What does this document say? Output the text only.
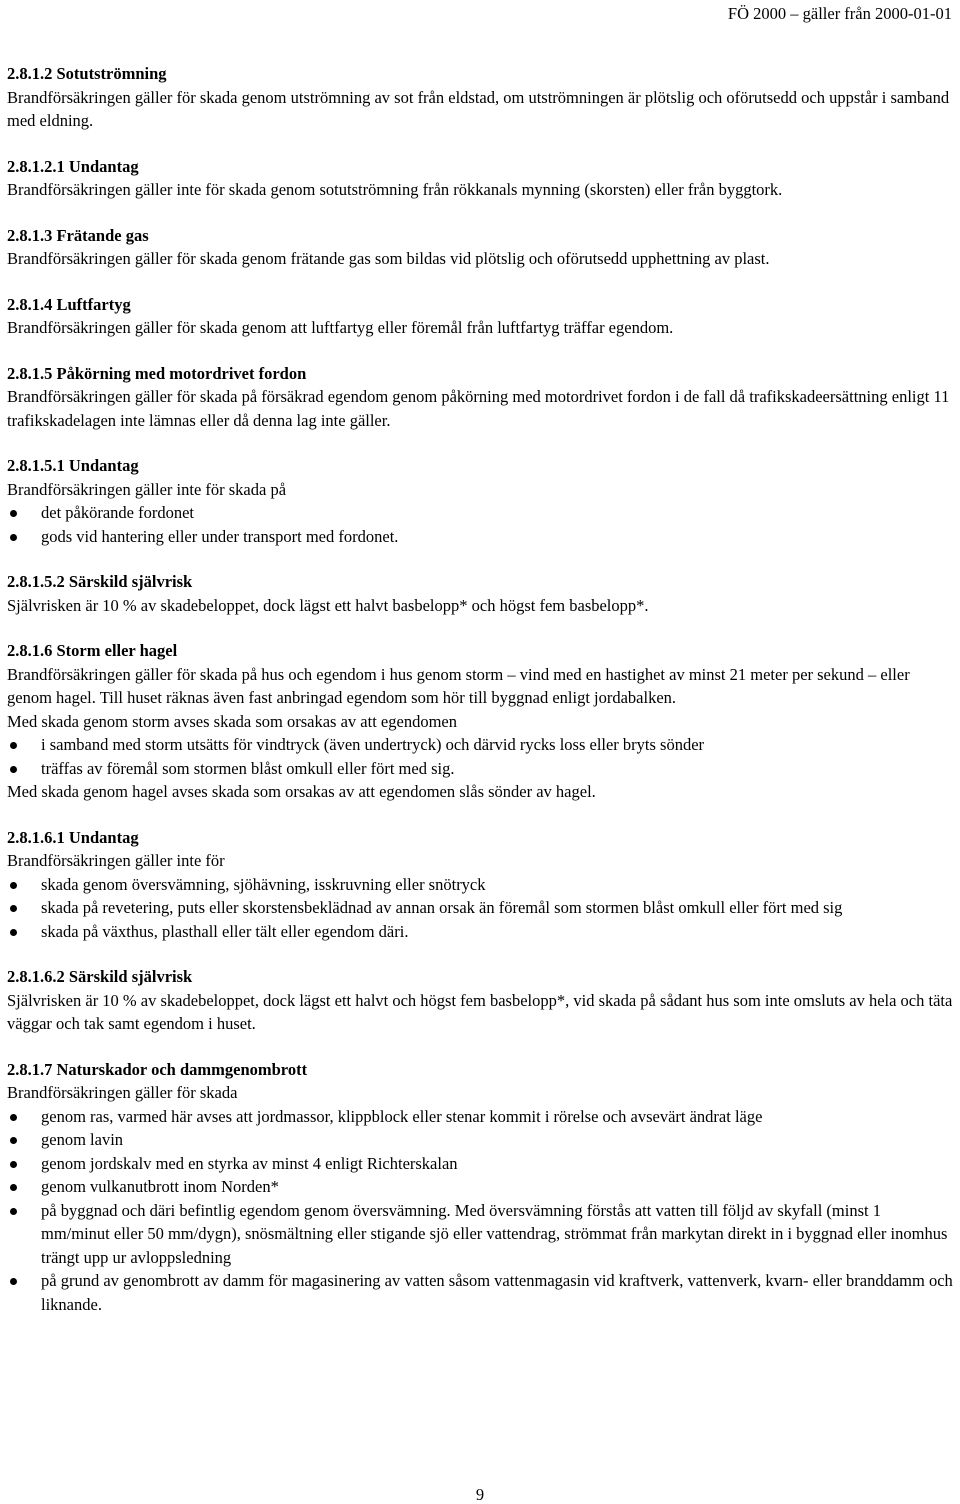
FÖ 2000 – gäller från 2000-01-01
2.8.1.2 Sotutströmning
Brandförsäkringen gäller för skada genom utströmning av sot från eldstad, om utströmningen är plötslig och oförutsedd och uppstår i samband med eldning.
2.8.1.2.1 Undantag
Brandförsäkringen gäller inte för skada genom sotutströmning från rökkanals mynning (skorsten) eller från byggtork.
2.8.1.3 Frätande gas
Brandförsäkringen gäller för skada genom frätande gas som bildas vid plötslig och oförutsedd upphettning av plast.
2.8.1.4 Luftfartyg
Brandförsäkringen gäller för skada genom att luftfartyg eller föremål från luftfartyg träffar egendom.
2.8.1.5 Påkörning med motordrivet fordon
Brandförsäkringen gäller för skada på försäkrad egendom genom påkörning med motordrivet fordon i de fall då trafikskadeersättning enligt 11 trafikskadelagen inte lämnas eller då denna lag inte gäller.
2.8.1.5.1 Undantag
Brandförsäkringen gäller inte för skada på
det påkörande fordonet
gods vid hantering eller under transport med fordonet.
2.8.1.5.2 Särskild självrisk
Självrisken är 10 % av skadebeloppet, dock lägst ett halvt basbelopp* och högst fem basbelopp*.
2.8.1.6 Storm eller hagel
Brandförsäkringen gäller för skada på hus och egendom i hus genom storm – vind med en hastighet av minst 21 meter per sekund – eller genom hagel. Till huset räknas även fast anbringad egendom som hör till byggnad enligt jordabalken.
Med skada genom storm avses skada som orsakas av att egendomen
i samband med storm utsätts för vindtryck (även undertryck) och därvid rycks loss eller bryts sönder
träffas av föremål som stormen blåst omkull eller fört med sig.
Med skada genom hagel avses skada som orsakas av att egendomen slås sönder av hagel.
2.8.1.6.1 Undantag
Brandförsäkringen gäller inte för
skada genom översvämning, sjöhävning, isskruvning eller snötryck
skada på revetering, puts eller skorstensbeklädnad av annan orsak än föremål som stormen blåst omkull eller fört med sig
skada på växthus, plasthall eller tält eller egendom däri.
2.8.1.6.2 Särskild självrisk
Självrisken är 10 % av skadebeloppet, dock lägst ett halvt och högst fem basbelopp*, vid skada på sådant hus som inte omsluts av hela och täta väggar och tak samt egendom i huset.
2.8.1.7 Naturskador och dammgenombrott
Brandförsäkringen gäller för skada
genom ras, varmed här avses att jordmassor, klippblock eller stenar kommit i rörelse och avsevärt ändrat läge
genom lavin
genom jordskalv med en styrka av minst 4 enligt Richterskalan
genom vulkanutbrott inom Norden*
på byggnad och däri befintlig egendom genom översvämning. Med översvämning förstås att vatten till följd av skyfall (minst 1 mm/minut eller 50 mm/dygn), snösmältning eller stigande sjö eller vattendrag, strömmat från markytan direkt in i byggnad eller inomhus trängt upp ur avloppsledning
på grund av genombrott av damm för magasinering av vatten såsom vattenmagasin vid kraftverk, vattenverk, kvarn- eller branddamm och liknande.
9
